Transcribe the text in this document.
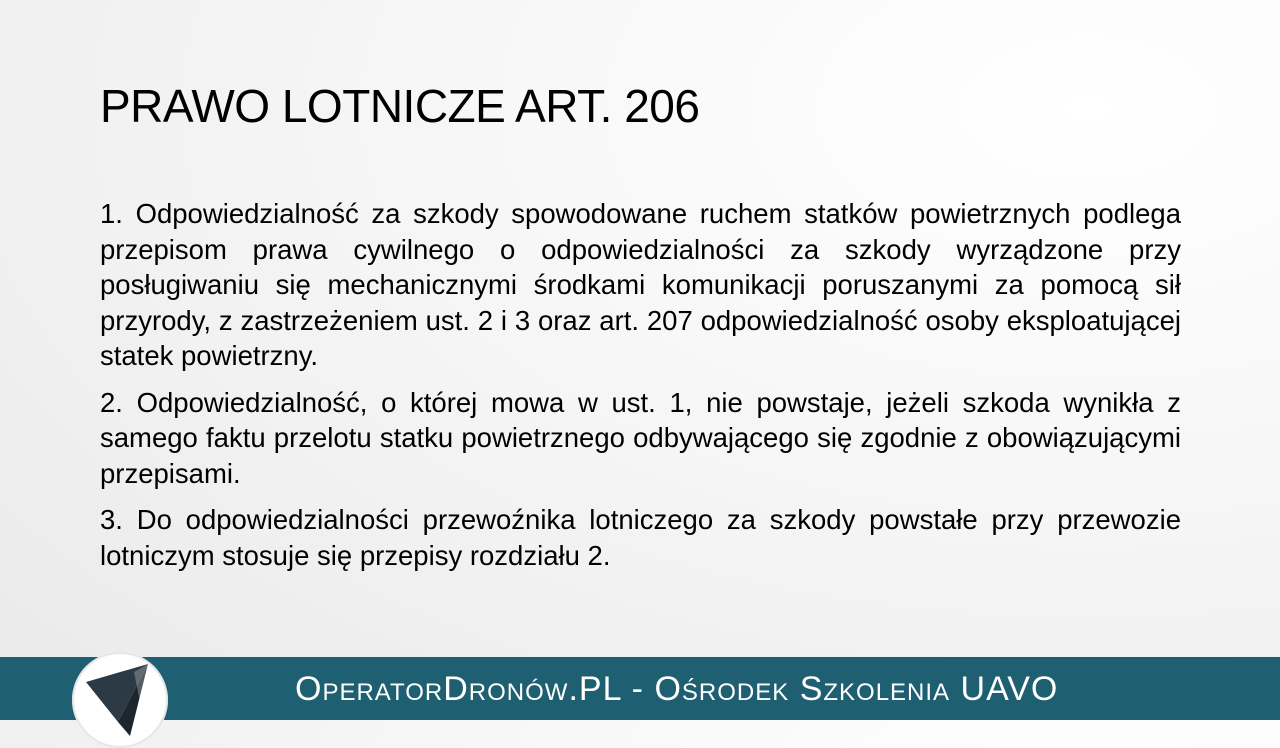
PRAWO LOTNICZE ART. 206

1. Odpowiedzialność za szkody spowodowane ruchem statków powietrznych podlega przepisom prawa cywilnego o odpowiedzialności za szkody wyrządzone przy posługiwaniu się mechanicznymi środkami komunikacji poruszanymi za pomocą sił przyrody, z zastrzeżeniem ust. 2 i 3 oraz art. 207 odpowiedzialność osoby eksploatującej statek powietrzny.

2. Odpowiedzialność, o której mowa w ust. 1, nie powstaje, jeżeli szkoda wynikła z samego faktu przelotu statku powietrznego odbywającego się zgodnie z obowiązującymi przepisami.

3. Do odpowiedzialności przewoźnika lotniczego za szkody powstałe przy przewozie lotniczym stosuje się przepisy rozdziału 2.

OperatorDronów.PL - Ośrodek Szkolenia UAVO
